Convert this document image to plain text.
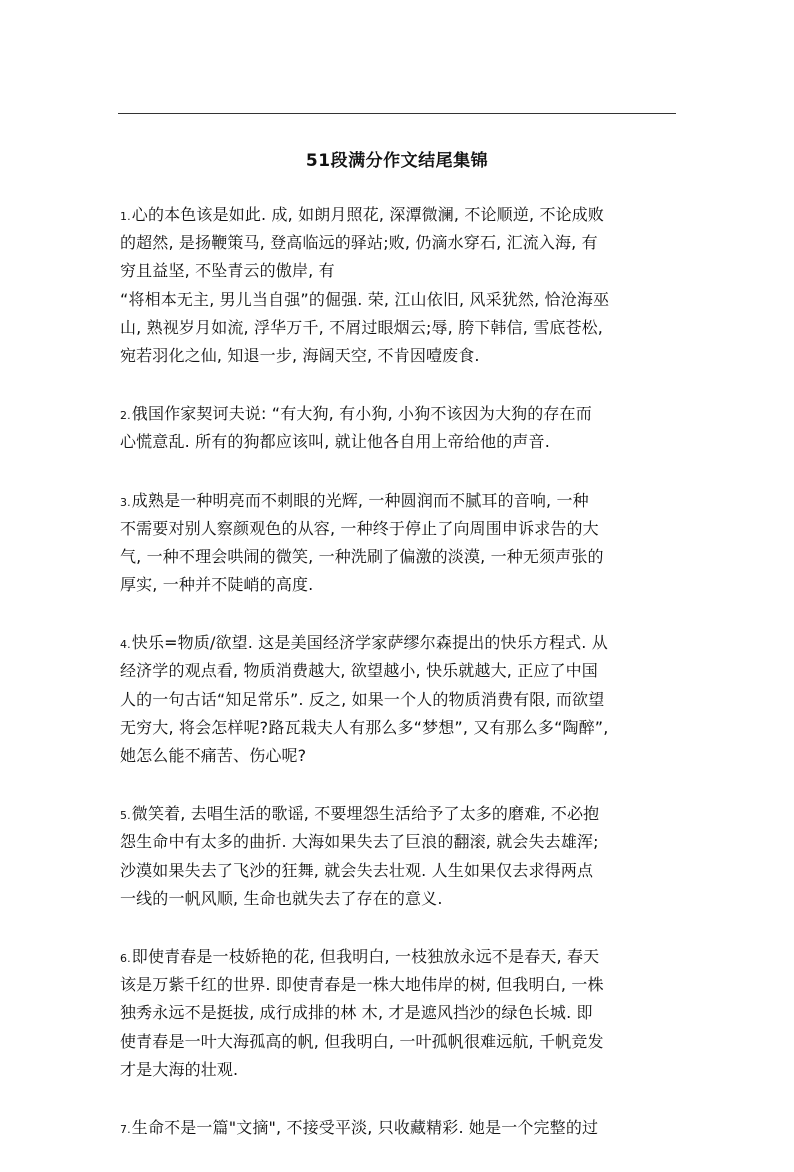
51段满分作文结尾集锦
1.心的本色该是如此. 成, 如朗月照花, 深潭微澜, 不论顺逆, 不论成败
的超然, 是扬鞭策马, 登高临远的驿站;败, 仍滴水穿石, 汇流入海, 有
穷且益坚, 不坠青云的傲岸, 有
“将相本无主, 男儿当自强”的倔强. 荣, 江山依旧, 风采犹然, 恰沧海巫
山, 熟视岁月如流, 浮华万千, 不屑过眼烟云;辱, 胯下韩信, 雪底苍松,
宛若羽化之仙, 知退一步, 海阔天空, 不肯因噎废食.
2.俄国作家契诃夫说: “有大狗, 有小狗, 小狗不该因为大狗的存在而
心慌意乱. 所有的狗都应该叫, 就让他各自用上帝给他的声音.
3.成熟是一种明亮而不刺眼的光辉, 一种圆润而不腻耳的音响, 一种
不需要对别人察颜观色的从容, 一种终于停止了向周围申诉求告的大
气, 一种不理会哄闹的微笑, 一种洗刷了偏激的淡漠, 一种无须声张的
厚实, 一种并不陡峭的高度.
4.快乐=物质/欲望. 这是美国经济学家萨缪尔森提出的快乐方程式. 从
经济学的观点看, 物质消费越大, 欲望越小, 快乐就越大, 正应了中国
人的一句古话“知足常乐”. 反之, 如果一个人的物质消费有限, 而欲望
无穷大, 将会怎样呢?路瓦栽夫人有那么多“梦想”, 又有那么多“陶醉”,
她怎么能不痛苦、伤心呢?
5.微笑着, 去唱生活的歌谣, 不要埋怨生活给予了太多的磨难, 不必抱
怨生命中有太多的曲折. 大海如果失去了巨浪的翻滚, 就会失去雄浑;
沙漠如果失去了飞沙的狂舞, 就会失去壮观. 人生如果仅去求得两点
一线的一帆风顺, 生命也就失去了存在的意义.
6.即使青春是一枝娇艳的花, 但我明白, 一枝独放永远不是春天, 春天
该是万紫千红的世界. 即使青春是一株大地伟岸的树, 但我明白, 一株
独秀永远不是挺拔, 成行成排的林 木, 才是遮风挡沙的绿色长城. 即
使青春是一叶大海孤高的帆, 但我明白, 一叶孤帆很难远航, 千帆竞发
才是大海的壮观.
7.生命不是一篇"文摘", 不接受平淡, 只收藏精彩. 她是一个完整的过
